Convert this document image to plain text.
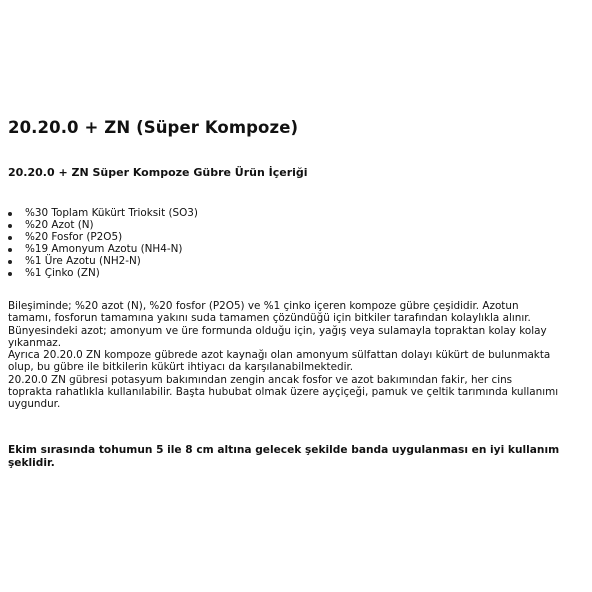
20.20.0 + ZN (Süper Kompoze)
20.20.0 + ZN Süper Kompoze Gübre Ürün İçeriği
%30 Toplam Kükürt Trioksit (SO3)
%20 Azot (N)
%20 Fosfor (P2O5)
%19 Amonyum Azotu (NH4-N)
%1 Üre Azotu (NH2-N)
%1 Çinko (ZN)
Bileşiminde; %20 azot (N), %20 fosfor (P2O5) ve %1 çinko içeren kompoze gübre çeşididir. Azotun
tamamı, fosforun tamamına yakını suda tamamen çözündüğü için bitkiler tarafından kolaylıkla alınır.
Bünyesindeki azot; amonyum ve üre formunda olduğu için, yağış veya sulamayla topraktan kolay kolay
yıkanmaz.
Ayrıca 20.20.0 ZN kompoze gübrede azot kaynağı olan amonyum sülfattan dolayı kükürt de bulunmakta
olup, bu gübre ile bitkilerin kükürt ihtiyacı da karşılanabilmektedir.
20.20.0 ZN gübresi potasyum bakımından zengin ancak fosfor ve azot bakımından fakir, her cins
toprakta rahatlıkla kullanılabilir. Başta hububat olmak üzere ayçiçeği, pamuk ve çeltik tarımında kullanımı
uygundur.
Ekim sırasında tohumun 5 ile 8 cm altına gelecek şekilde banda uygulanması en iyi kullanım
şeklidir.
